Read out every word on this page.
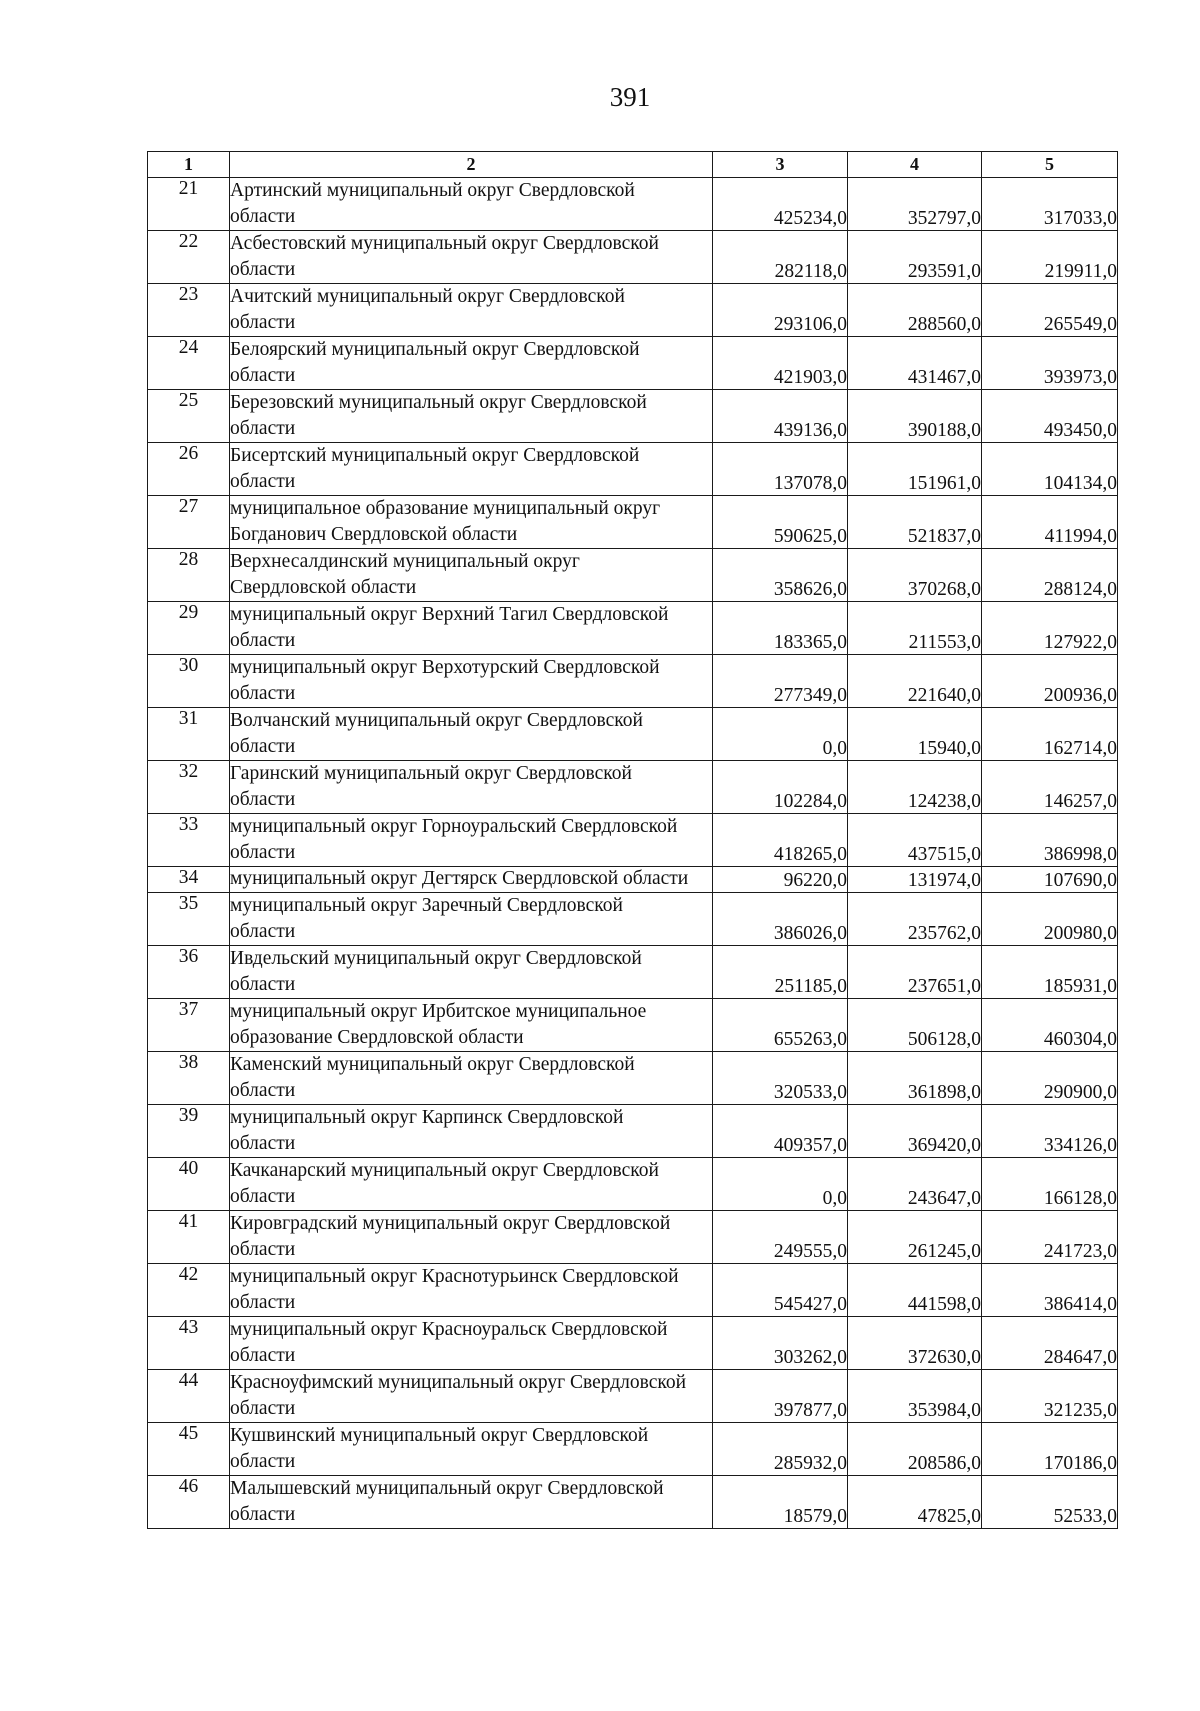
391
1	2	3	4	5
21	Артинский муниципальный округ Свердловской
области	425234,0	352797,0	317033,0
22	Асбестовский муниципальный округ Свердловской
области	282118,0	293591,0	219911,0
23	Ачитский муниципальный округ Свердловской
области	293106,0	288560,0	265549,0
24	Белоярский муниципальный округ Свердловской
области	421903,0	431467,0	393973,0
25	Березовский муниципальный округ Свердловской
области	439136,0	390188,0	493450,0
26	Бисертский муниципальный округ Свердловской
области	137078,0	151961,0	104134,0
27	муниципальное образование муниципальный округ
Богданович Свердловской области	590625,0	521837,0	411994,0
28	Верхнесалдинский муниципальный округ
Свердловской области	358626,0	370268,0	288124,0
29	муниципальный округ Верхний Тагил Свердловской
области	183365,0	211553,0	127922,0
30	муниципальный округ Верхотурский Свердловской
области	277349,0	221640,0	200936,0
31	Волчанский муниципальный округ Свердловской
области	0,0	15940,0	162714,0
32	Гаринский муниципальный округ Свердловской
области	102284,0	124238,0	146257,0
33	муниципальный округ Горноуральский Свердловской
области	418265,0	437515,0	386998,0
34	муниципальный округ Дегтярск Свердловской области	96220,0	131974,0	107690,0
35	муниципальный округ Заречный Свердловской
области	386026,0	235762,0	200980,0
36	Ивдельский муниципальный округ Свердловской
области	251185,0	237651,0	185931,0
37	муниципальный округ Ирбитское муниципальное
образование Свердловской области	655263,0	506128,0	460304,0
38	Каменский муниципальный округ Свердловской
области	320533,0	361898,0	290900,0
39	муниципальный округ Карпинск Свердловской
области	409357,0	369420,0	334126,0
40	Качканарский муниципальный округ Свердловской
области	0,0	243647,0	166128,0
41	Кировградский муниципальный округ Свердловской
области	249555,0	261245,0	241723,0
42	муниципальный округ Краснотурьинск Свердловской
области	545427,0	441598,0	386414,0
43	муниципальный округ Красноуральск Свердловской
области	303262,0	372630,0	284647,0
44	Красноуфимский муниципальный округ Свердловской
области	397877,0	353984,0	321235,0
45	Кушвинский муниципальный округ Свердловской
области	285932,0	208586,0	170186,0
46	Малышевский муниципальный округ Свердловской
области	18579,0	47825,0	52533,0
